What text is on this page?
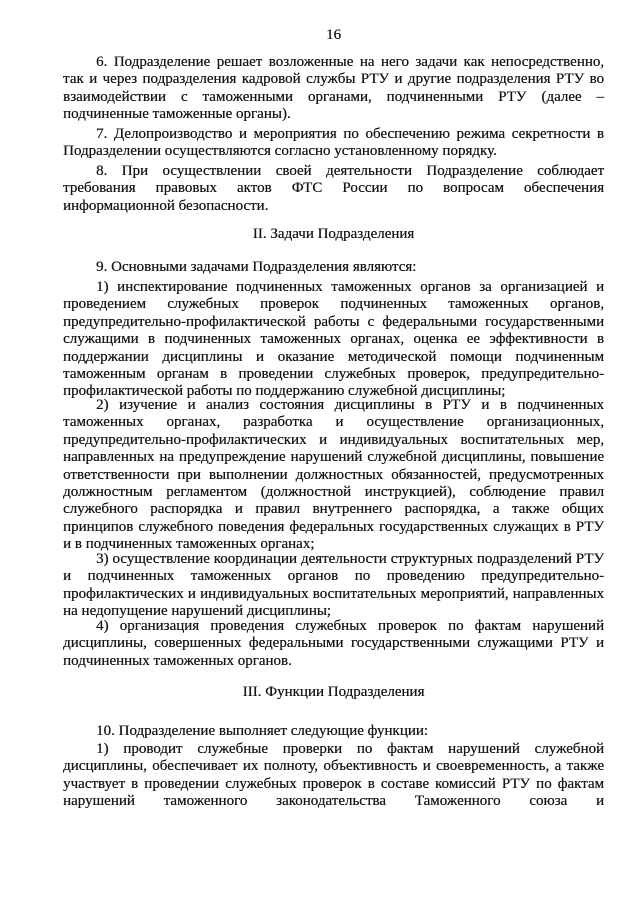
16

6. Подразделение решает возложенные на него задачи как непосредственно, так и через подразделения кадровой службы РТУ и другие подразделения РТУ во взаимодействии с таможенными органами, подчиненными РТУ (далее – подчиненные таможенные органы).

7. Делопроизводство и мероприятия по обеспечению режима секретности в Подразделении осуществляются согласно установленному порядку.

8. При осуществлении своей деятельности Подразделение соблюдает требования правовых актов ФТС России по вопросам обеспечения информационной безопасности.

II. Задачи Подразделения

9. Основными задачами Подразделения являются:

1) инспектирование подчиненных таможенных органов за организацией и проведением служебных проверок подчиненных таможенных органов, предупредительно-профилактической работы с федеральными государственными служащими в подчиненных таможенных органах, оценка ее эффективности в поддержании дисциплины и оказание методической помощи подчиненным таможенным органам в проведении служебных проверок, предупредительно-профилактической работы по поддержанию служебной дисциплины;

2) изучение и анализ состояния дисциплины в РТУ и в подчиненных таможенных органах, разработка и осуществление организационных, предупредительно-профилактических и индивидуальных воспитательных мер, направленных на предупреждение нарушений служебной дисциплины, повышение ответственности при выполнении должностных обязанностей, предусмотренных должностным регламентом (должностной инструкцией), соблюдение правил служебного распорядка и правил внутреннего распорядка, а также общих принципов служебного поведения федеральных государственных служащих в РТУ и в подчиненных таможенных органах;

3) осуществление координации деятельности структурных подразделений РТУ и подчиненных таможенных органов по проведению предупредительно-профилактических и индивидуальных воспитательных мероприятий, направленных на недопущение нарушений дисциплины;

4) организация проведения служебных проверок по фактам нарушений дисциплины, совершенных федеральными государственными служащими РТУ и подчиненных таможенных органов.

III. Функции Подразделения

10. Подразделение выполняет следующие функции:

1) проводит служебные проверки по фактам нарушений служебной дисциплины, обеспечивает их полноту, объективность и своевременность, а также участвует в проведении служебных проверок в составе комиссий РТУ по фактам нарушений таможенного законодательства Таможенного союза и
